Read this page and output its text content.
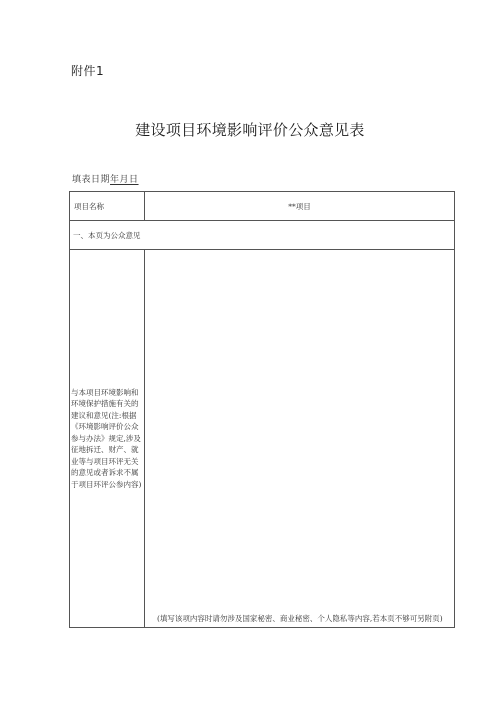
附件1
建设项目环境影响评价公众意见表
填表日期年月日
项目名称	**项目
一、本页为公众意见	
与本项目环境影响和环境保护措施有关的建议和意见(注:根据《环境影响评价公众参与办法》规定,涉及征地拆迁、财产、就业等与项目环评无关的意见或者诉求不属于项目环评公参内容)	(填写该项内容时请勿涉及国家秘密、商业秘密、个人隐私等内容,若本页不够可另附页)
